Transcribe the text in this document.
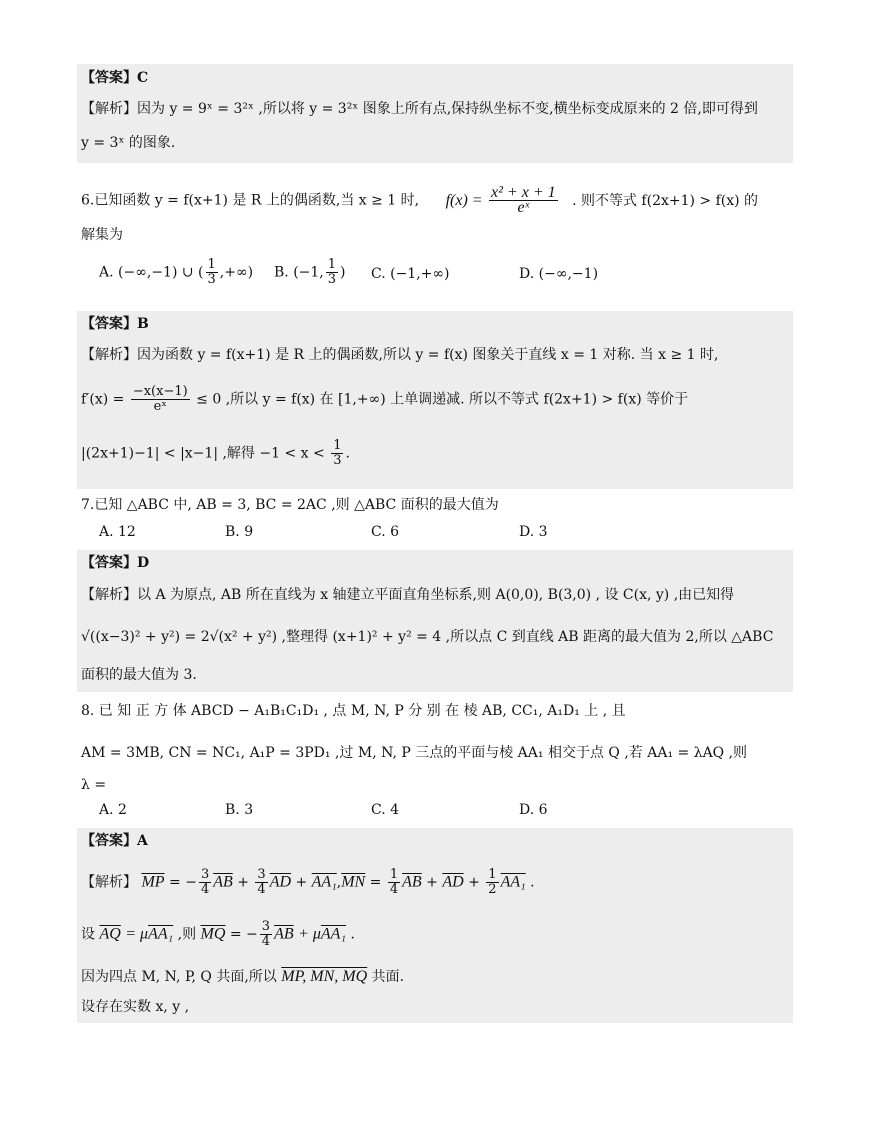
【答案】C
【解析】因为 y = 9ˣ = 3²ˣ ,所以将 y = 3²ˣ 图象上所有点,保持纵坐标不变,横坐标变成原来的 2 倍,即可得到
y = 3ˣ 的图象.
6.已知函数 y = f(x+1) 是 R 上的偶函数,当 x ≥ 1 时, $f(x) = \frac{\text{x² + x + 1}}{\text{eˣ}}$ . 则不等式 f(2x+1) > f(x) 的
解集为
A. (−∞,−1) ∪ ( $\frac{1}{3}$ ,+∞) B. (−1, $\frac{1}{3}$ ) C. (−1,+∞)	D. (−∞,−1)
【答案】B
【解析】因为函数 y = f(x+1) 是 R 上的偶函数,所以 y = f(x) 图象关于直线 x = 1 对称. 当 x ≥ 1 时,
$f'(x) = \frac{-x(x-1)}{\text{eˣ}} \le 0$ ,所以 y = f(x) 在 [1,+∞) 上单调递减. 所以不等式 f(2x+1) > f(x) 等价于
|(2x+1)−1| < |x−1| ,解得 $-1 < x < \frac{1}{3}$ .
7.已知 △ABC 中, AB = 3, BC = 2AC ,则 △ABC 面积的最大值为
A. 12	B. 9	C. 6	D. 3
【答案】D
【解析】以 A 为原点, AB 所在直线为 x 轴建立平面直角坐标系,则 A(0,0), B(3,0) , 设 C(x, y) ,由已知得
√((x−3)² + y²) = 2√(x² + y²) ,整理得 (x+1)² + y² = 4 ,所以点 C 到直线 AB 距离的最大值为 2,所以 △ABC
面积的最大值为 3.
8. 已 知 正 方 体 ABCD − A₁B₁C₁D₁ , 点 M, N, P 分 别 在 棱 AB, CC₁, A₁D₁ 上 , 且
AM = 3MB, CN = NC₁, A₁P = 3PD₁ ,过 M, N, P 三点的平面与棱 AA₁ 相交于点 Q ,若 AA₁ = λAQ ,则
λ =
A. 2	B. 3	C. 4	D. 6
【答案】A
【解析】 $\overline{MP}$ = − $\frac{3}{4} \overline{AB} + \frac{3}{4} \overline{AD} + AA_1,\overline{MN} = \frac{1}{4} \overline{AB} + \overline{AD} + \frac{1}{2} AA_1$ .
设 $\overline{AQ} = \mu AA_1$ ,则 $\overline{MQ}$ = − $\frac{3}{4} \overline{AB} + \mu AA_1$ .
因为四点 M, N, P, Q 共面,所以 MP, MN, MQ 共面.
设存在实数 x, y ,
